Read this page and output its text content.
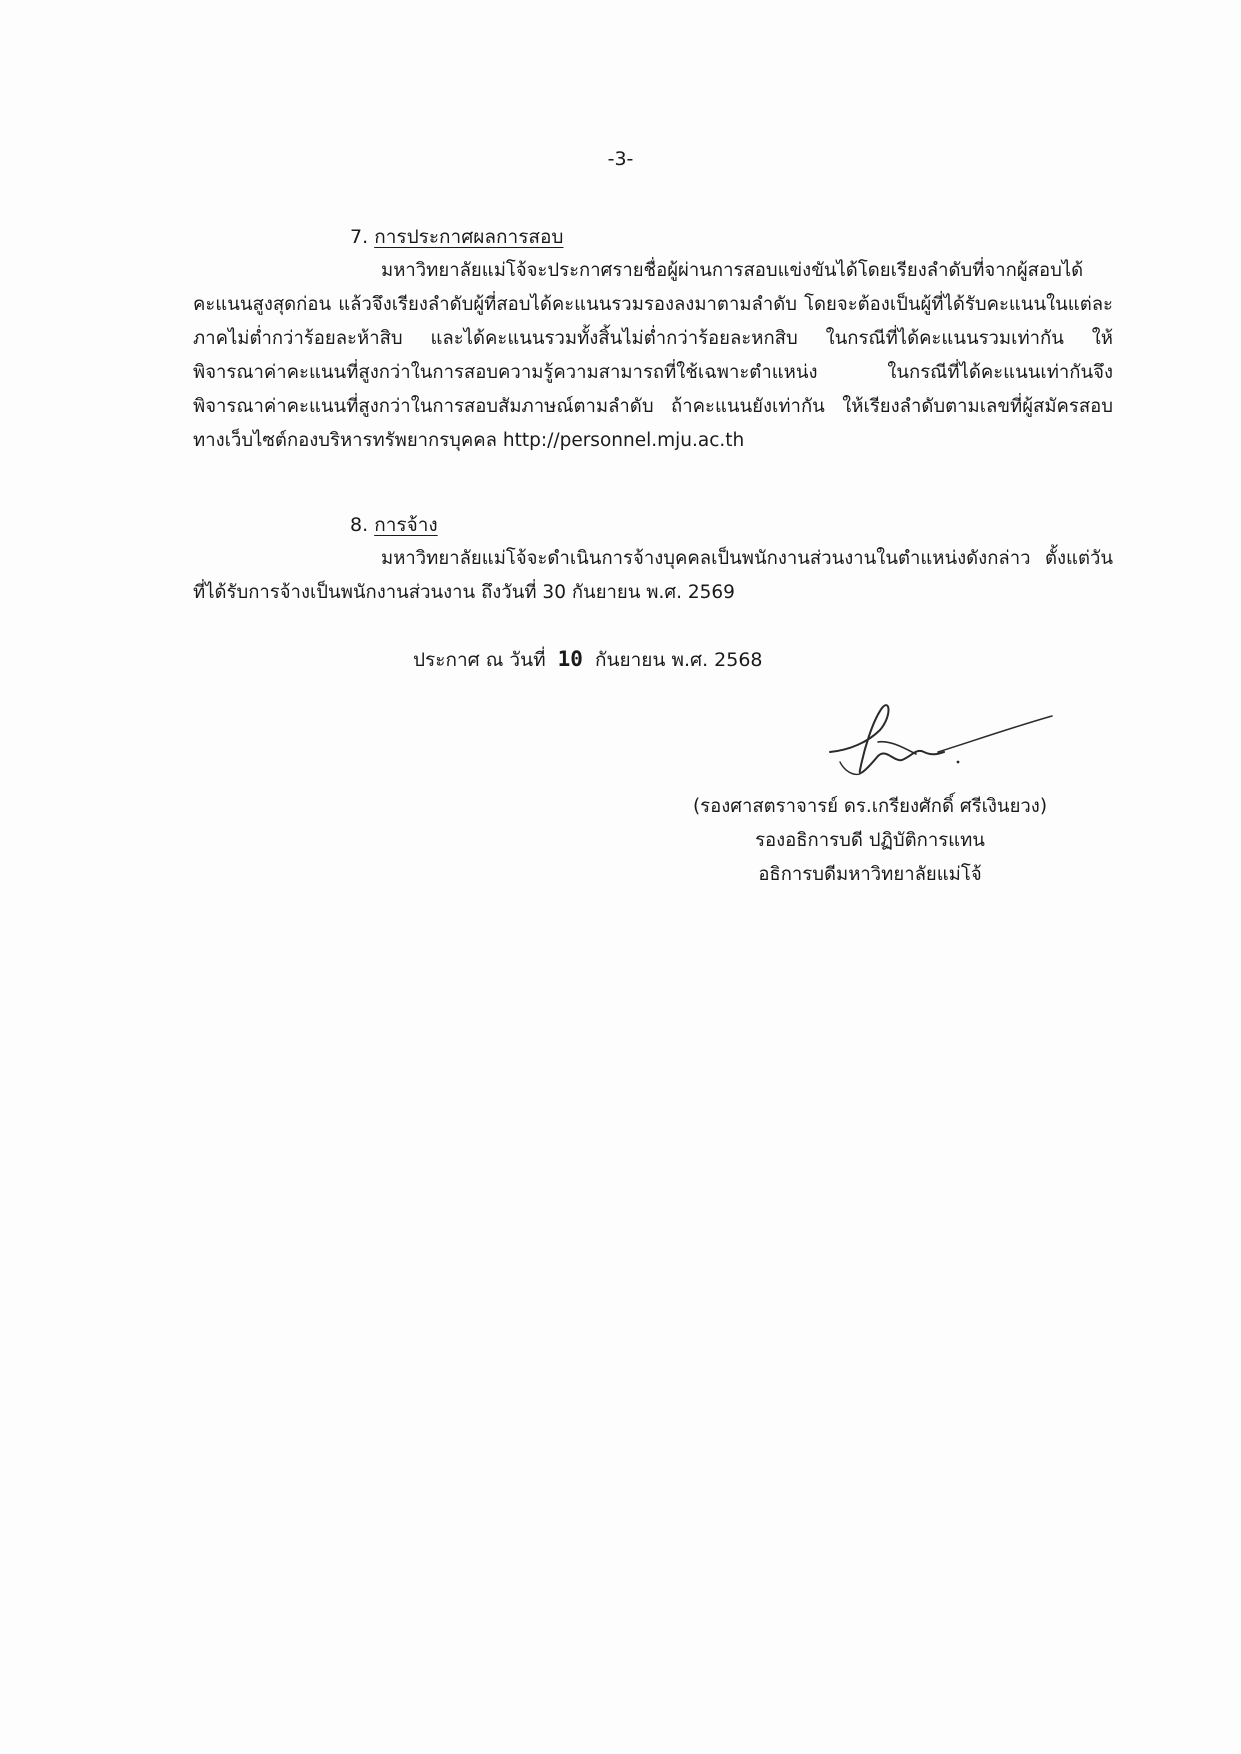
-3-
7. การประกาศผลการสอบ
มหาวิทยาลัยแม่โจ้จะประกาศรายชื่อผู้ผ่านการสอบแข่งขันได้โดยเรียงลำดับที่จากผู้สอบได้คะแนนสูงสุดก่อน แล้วจึงเรียงลำดับผู้ที่สอบได้คะแนนรวมรองลงมาตามลำดับ โดยจะต้องเป็นผู้ที่ได้รับคะแนนในแต่ละภาคไม่ต่ำกว่าร้อยละห้าสิบ และได้คะแนนรวมทั้งสิ้นไม่ต่ำกว่าร้อยละหกสิบ ในกรณีที่ได้คะแนนรวมเท่ากัน ให้พิจารณาค่าคะแนนที่สูงกว่าในการสอบความรู้ความสามารถที่ใช้เฉพาะตำแหน่ง ในกรณีที่ได้คะแนนเท่ากันจึงพิจารณาค่าคะแนนที่สูงกว่าในการสอบสัมภาษณ์ตามลำดับ ถ้าคะแนนยังเท่ากัน ให้เรียงลำดับตามเลขที่ผู้สมัครสอบ ทางเว็บไซต์กองบริหารทรัพยากรบุคคล http://personnel.mju.ac.th
8. การจ้าง
มหาวิทยาลัยแม่โจ้จะดำเนินการจ้างบุคคลเป็นพนักงานส่วนงานในตำแหน่งดังกล่าว ตั้งแต่วันที่ได้รับการจ้างเป็นพนักงานส่วนงาน ถึงวันที่ 30 กันยายน พ.ศ. 2569
ประกาศ ณ วันที่ 10 กันยายน พ.ศ. 2568
(รองศาสตราจารย์ ดร.เกรียงศักดิ์ ศรีเงินยวง)
รองอธิการบดี ปฏิบัติการแทน
อธิการบดีมหาวิทยาลัยแม่โจ้
